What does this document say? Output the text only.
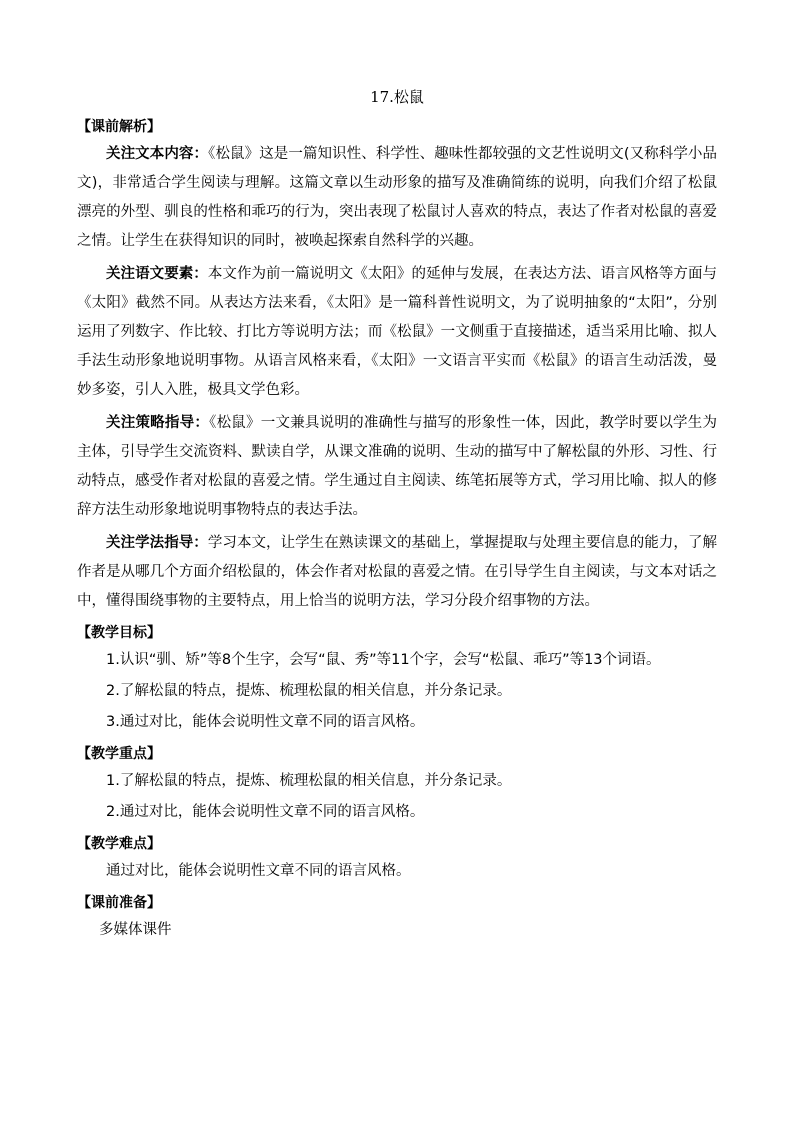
17.松鼠
【课前解析】

关注文本内容：《松鼠》这是一篇知识性、科学性、趣味性都较强的文艺性说明文(又称科学小品文)，非常适合学生阅读与理解。这篇文章以生动形象的描写及准确简练的说明，向我们介绍了松鼠漂亮的外型、驯良的性格和乖巧的行为，突出表现了松鼠讨人喜欢的特点，表达了作者对松鼠的喜爱之情。让学生在获得知识的同时，被唤起探索自然科学的兴趣。

关注语文要素：本文作为前一篇说明文《太阳》的延伸与发展，在表达方法、语言风格等方面与《太阳》截然不同。从表达方法来看，《太阳》是一篇科普性说明文，为了说明抽象的“太阳”，分别运用了列数字、作比较、打比方等说明方法；而《松鼠》一文侧重于直接描述，适当采用比喻、拟人手法生动形象地说明事物。从语言风格来看，《太阳》一文语言平实而《松鼠》的语言生动活泼，曼妙多姿，引人入胜，极具文学色彩。

关注策略指导：《松鼠》一文兼具说明的准确性与描写的形象性一体，因此，教学时要以学生为主体，引导学生交流资料、默读自学，从课文准确的说明、生动的描写中了解松鼠的外形、习性、行动特点，感受作者对松鼠的喜爱之情。学生通过自主阅读、练笔拓展等方式，学习用比喻、拟人的修辞方法生动形象地说明事物特点的表达手法。

关注学法指导：学习本文，让学生在熟读课文的基础上，掌握提取与处理主要信息的能力，了解作者是从哪几个方面介绍松鼠的，体会作者对松鼠的喜爱之情。在引导学生自主阅读，与文本对话之中，懂得围绕事物的主要特点，用上恰当的说明方法，学习分段介绍事物的方法。

【教学目标】

1.认识“驯、矫”等8个生字，会写“鼠、秀”等11个字，会写“松鼠、乖巧”等13个词语。

2.了解松鼠的特点，提炼、梳理松鼠的相关信息，并分条记录。

3.通过对比，能体会说明性文章不同的语言风格。

【教学重点】

1.了解松鼠的特点，提炼、梳理松鼠的相关信息，并分条记录。

2.通过对比，能体会说明性文章不同的语言风格。

【教学难点】

通过对比，能体会说明性文章不同的语言风格。

【课前准备】

多媒体课件
